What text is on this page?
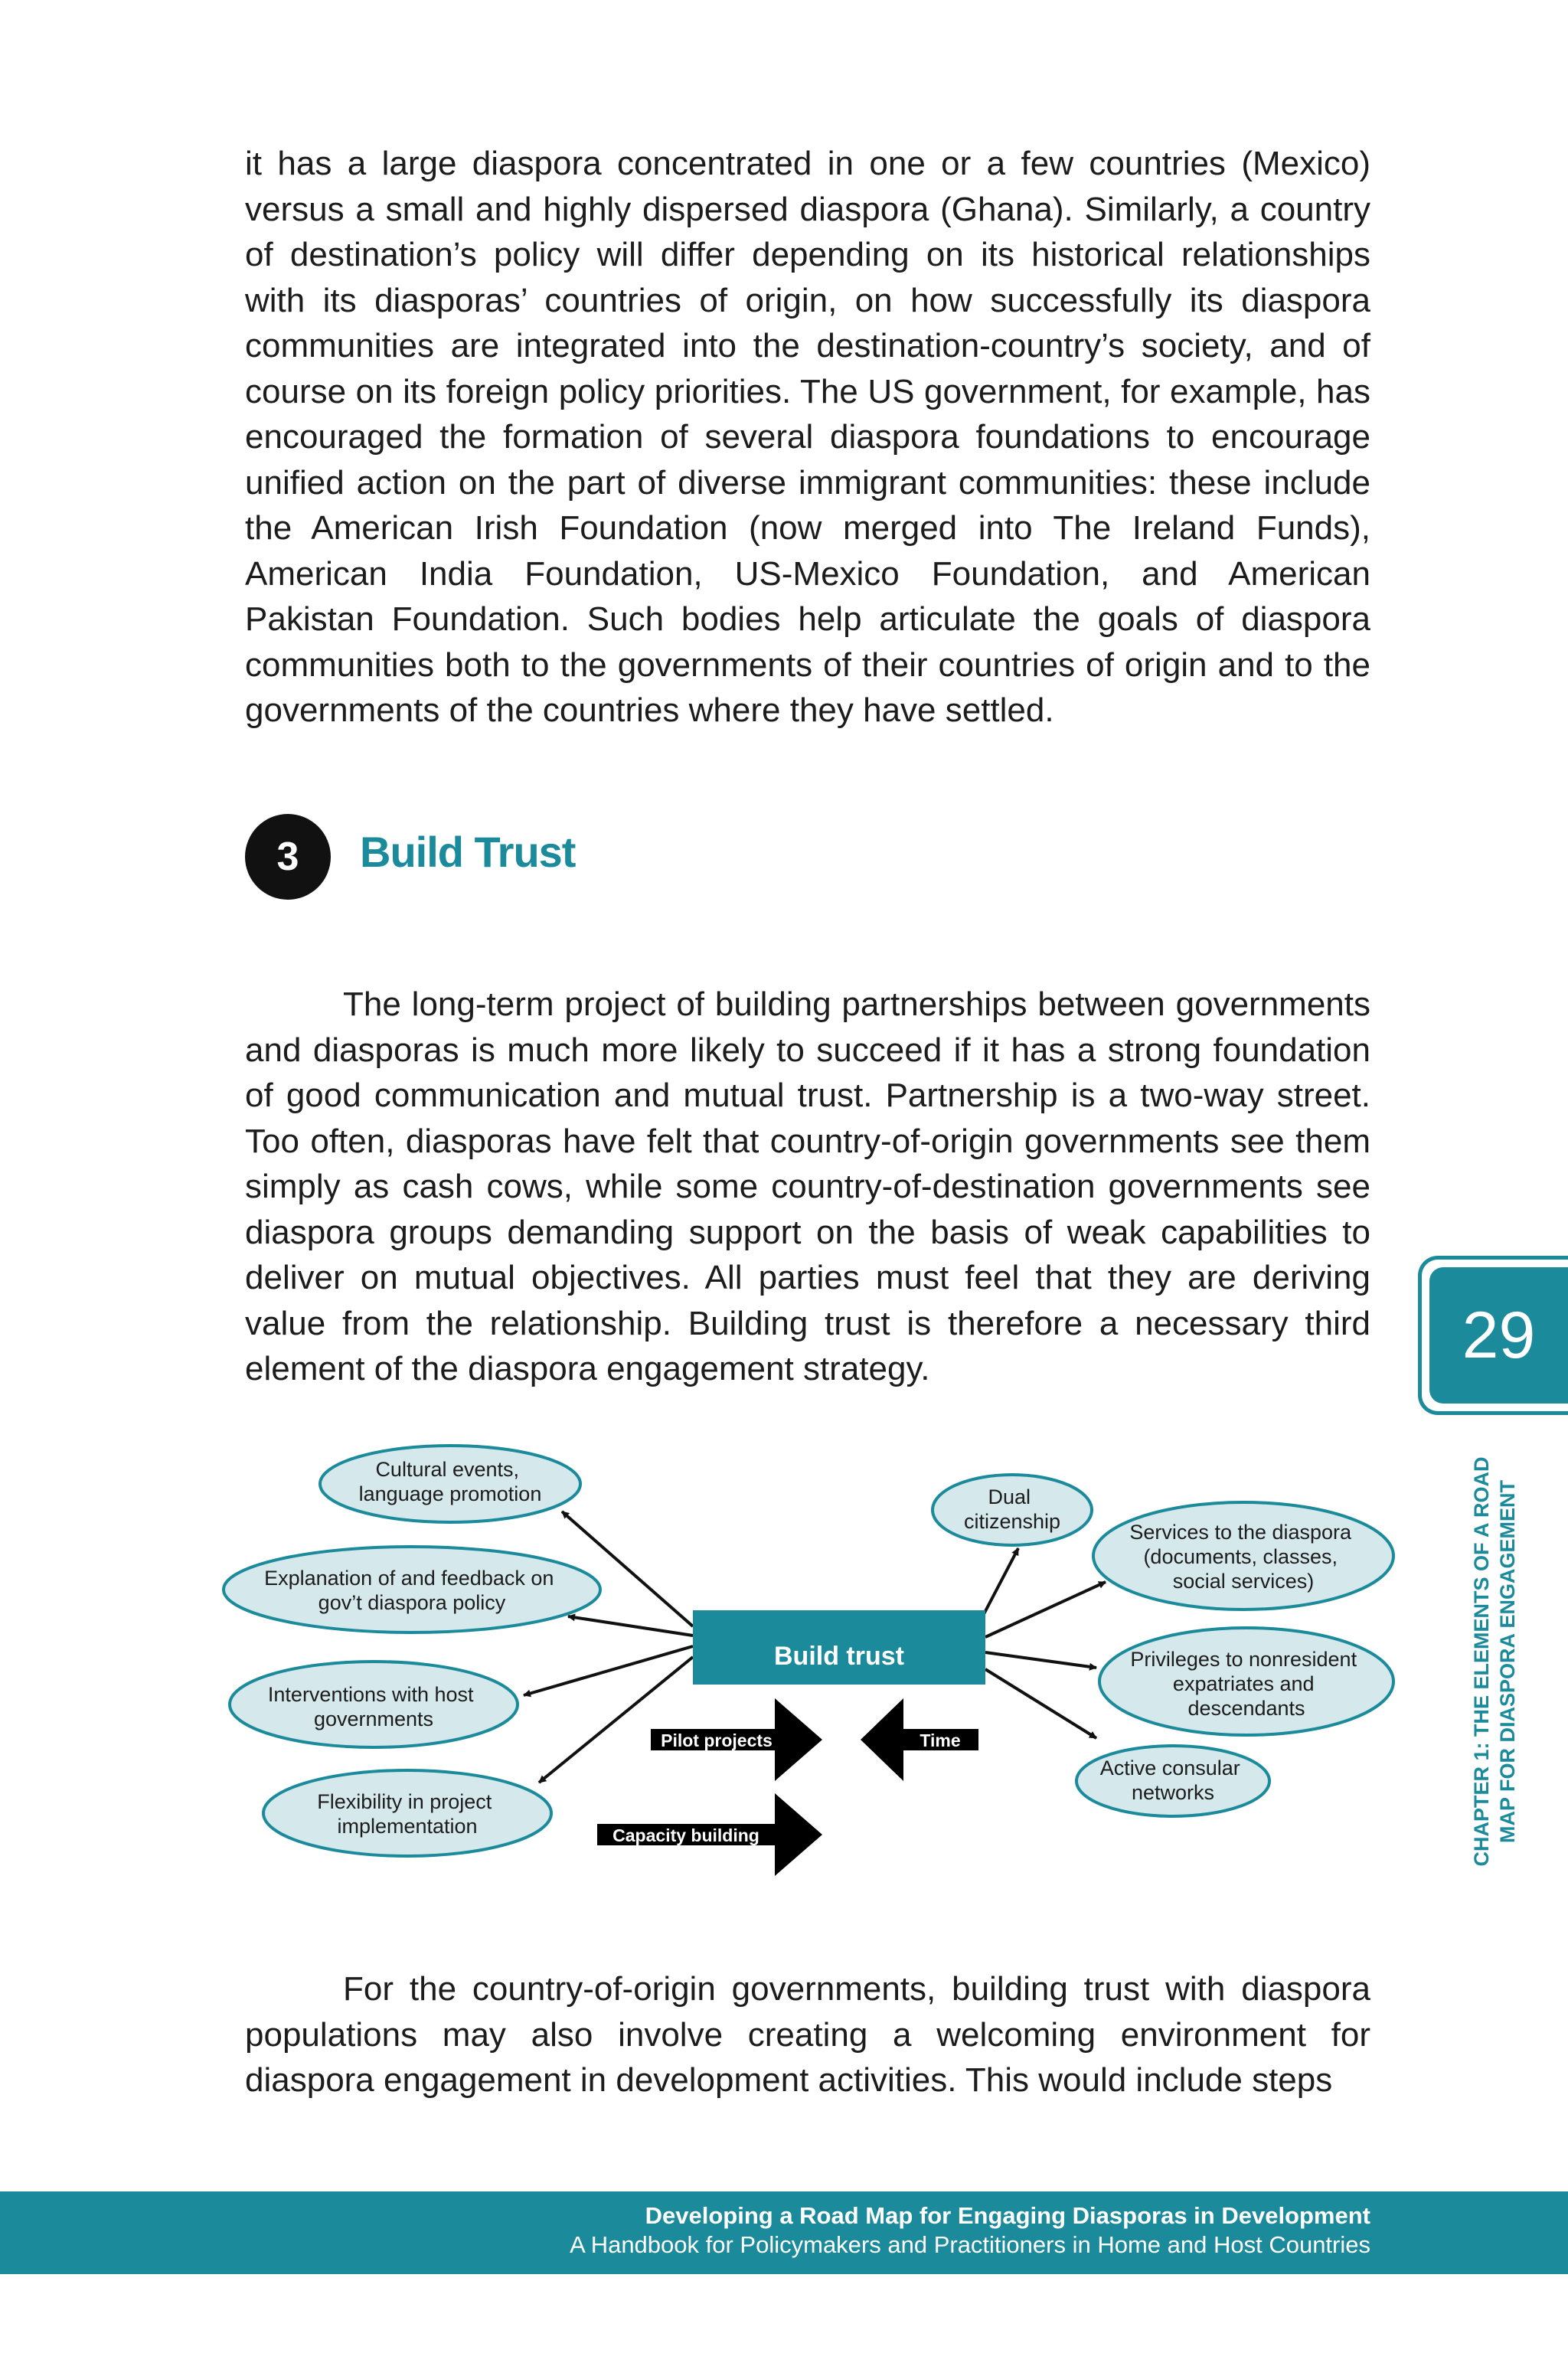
it has a large diaspora concentrated in one or a few countries (Mexico) versus a small and highly dispersed diaspora (Ghana). Similarly, a country of destination’s policy will differ depending on its historical relationships with its diasporas’ countries of origin, on how successfully its diaspora communities are integrated into the destination-country’s society, and of course on its foreign policy priorities. The US government, for example, has encouraged the formation of several diaspora foundations to encourage unified action on the part of diverse immigrant communities: these include the American Irish Foundation (now merged into The Ireland Funds), American India Foundation, US-Mexico Foundation, and American Pakistan Foundation. Such bodies help articulate the goals of diaspora communities both to the governments of their countries of origin and to the governments of the countries where they have settled.

3	Build Trust

The long-term project of building partnerships between governments and diasporas is much more likely to succeed if it has a strong foundation of good communication and mutual trust. Partnership is a two-way street. Too often, diasporas have felt that country-of-origin governments see them simply as cash cows, while some country-of-destination governments see diaspora groups demanding support on the basis of weak capabilities to deliver on mutual objectives. All parties must feel that they are deriving value from the relationship. Building trust is therefore a necessary third element of the diaspora engagement strategy.

Build trust
Cultural events, language promotion
Explanation of and feedback on gov’t diaspora policy
Interventions with host governments
Flexibility in project implementation
Dual citizenship	Services to the diaspora (documents, classes, social services)
Privileges to nonresident expatriates and descendants
Active consular networks
Pilot projects	Time
Capacity building

For the country-of-origin governments, building trust with diaspora populations may also involve creating a welcoming environment for diaspora engagement in development activities. This would include steps

29
CHAPTER 1: THE ELEMENTS OF A ROAD MAP FOR DIASPORA ENGAGEMENT
Developing a Road Map for Engaging Diasporas in Development
A Handbook for Policymakers and Practitioners in Home and Host Countries
